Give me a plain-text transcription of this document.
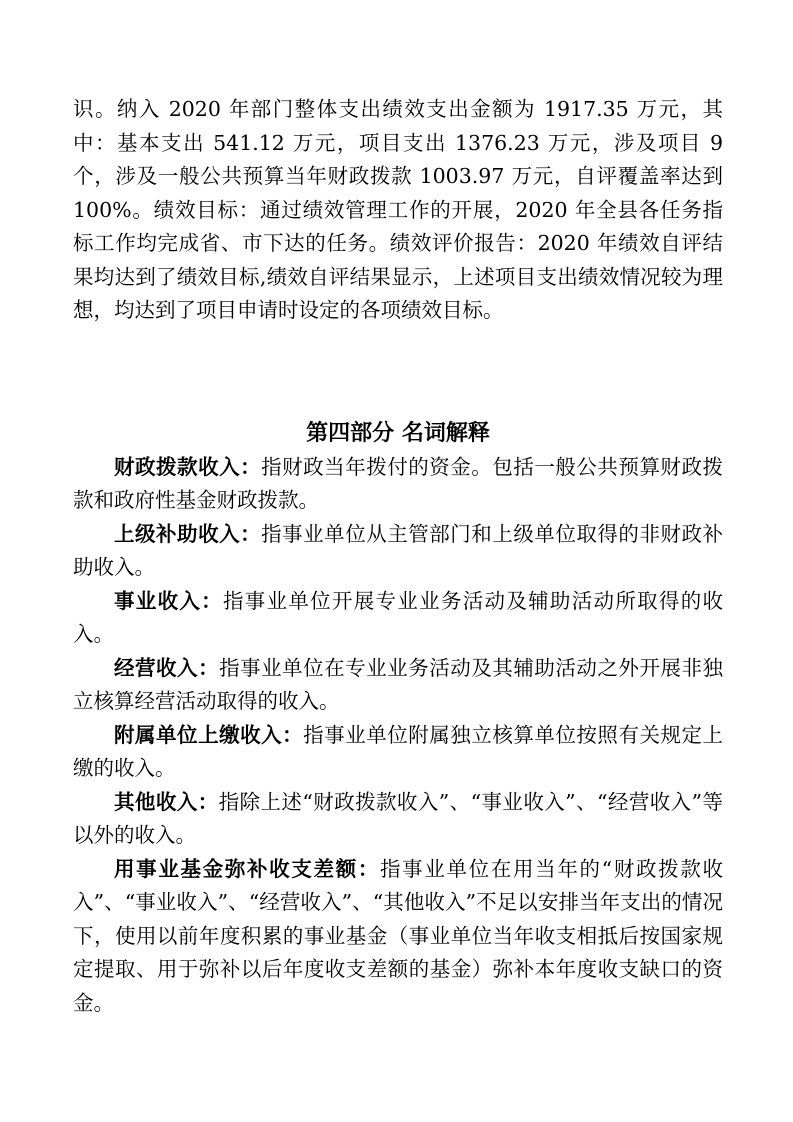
识。纳入 2020 年部门整体支出绩效支出金额为 1917.35 万元，其中：基本支出 541.12 万元，项目支出 1376.23 万元，涉及项目 9 个，涉及一般公共预算当年财政拨款 1003.97 万元，自评覆盖率达到 100%。绩效目标：通过绩效管理工作的开展，2020 年全县各任务指标工作均完成省、市下达的任务。绩效评价报告：2020 年绩效自评结果均达到了绩效目标,绩效自评结果显示，上述项目支出绩效情况较为理想，均达到了项目申请时设定的各项绩效目标。

第四部分 名词解释

财政拨款收入：指财政当年拨付的资金。包括一般公共预算财政拨款和政府性基金财政拨款。

上级补助收入：指事业单位从主管部门和上级单位取得的非财政补助收入。

事业收入：指事业单位开展专业业务活动及辅助活动所取得的收入。

经营收入：指事业单位在专业业务活动及其辅助活动之外开展非独立核算经营活动取得的收入。

附属单位上缴收入：指事业单位附属独立核算单位按照有关规定上缴的收入。

其他收入：指除上述“财政拨款收入”、“事业收入”、“经营收入”等以外的收入。

用事业基金弥补收支差额：指事业单位在用当年的“财政拨款收入”、“事业收入”、“经营收入”、“其他收入”不足以安排当年支出的情况下，使用以前年度积累的事业基金（事业单位当年收支相抵后按国家规定提取、用于弥补以后年度收支差额的基金）弥补本年度收支缺口的资金。
